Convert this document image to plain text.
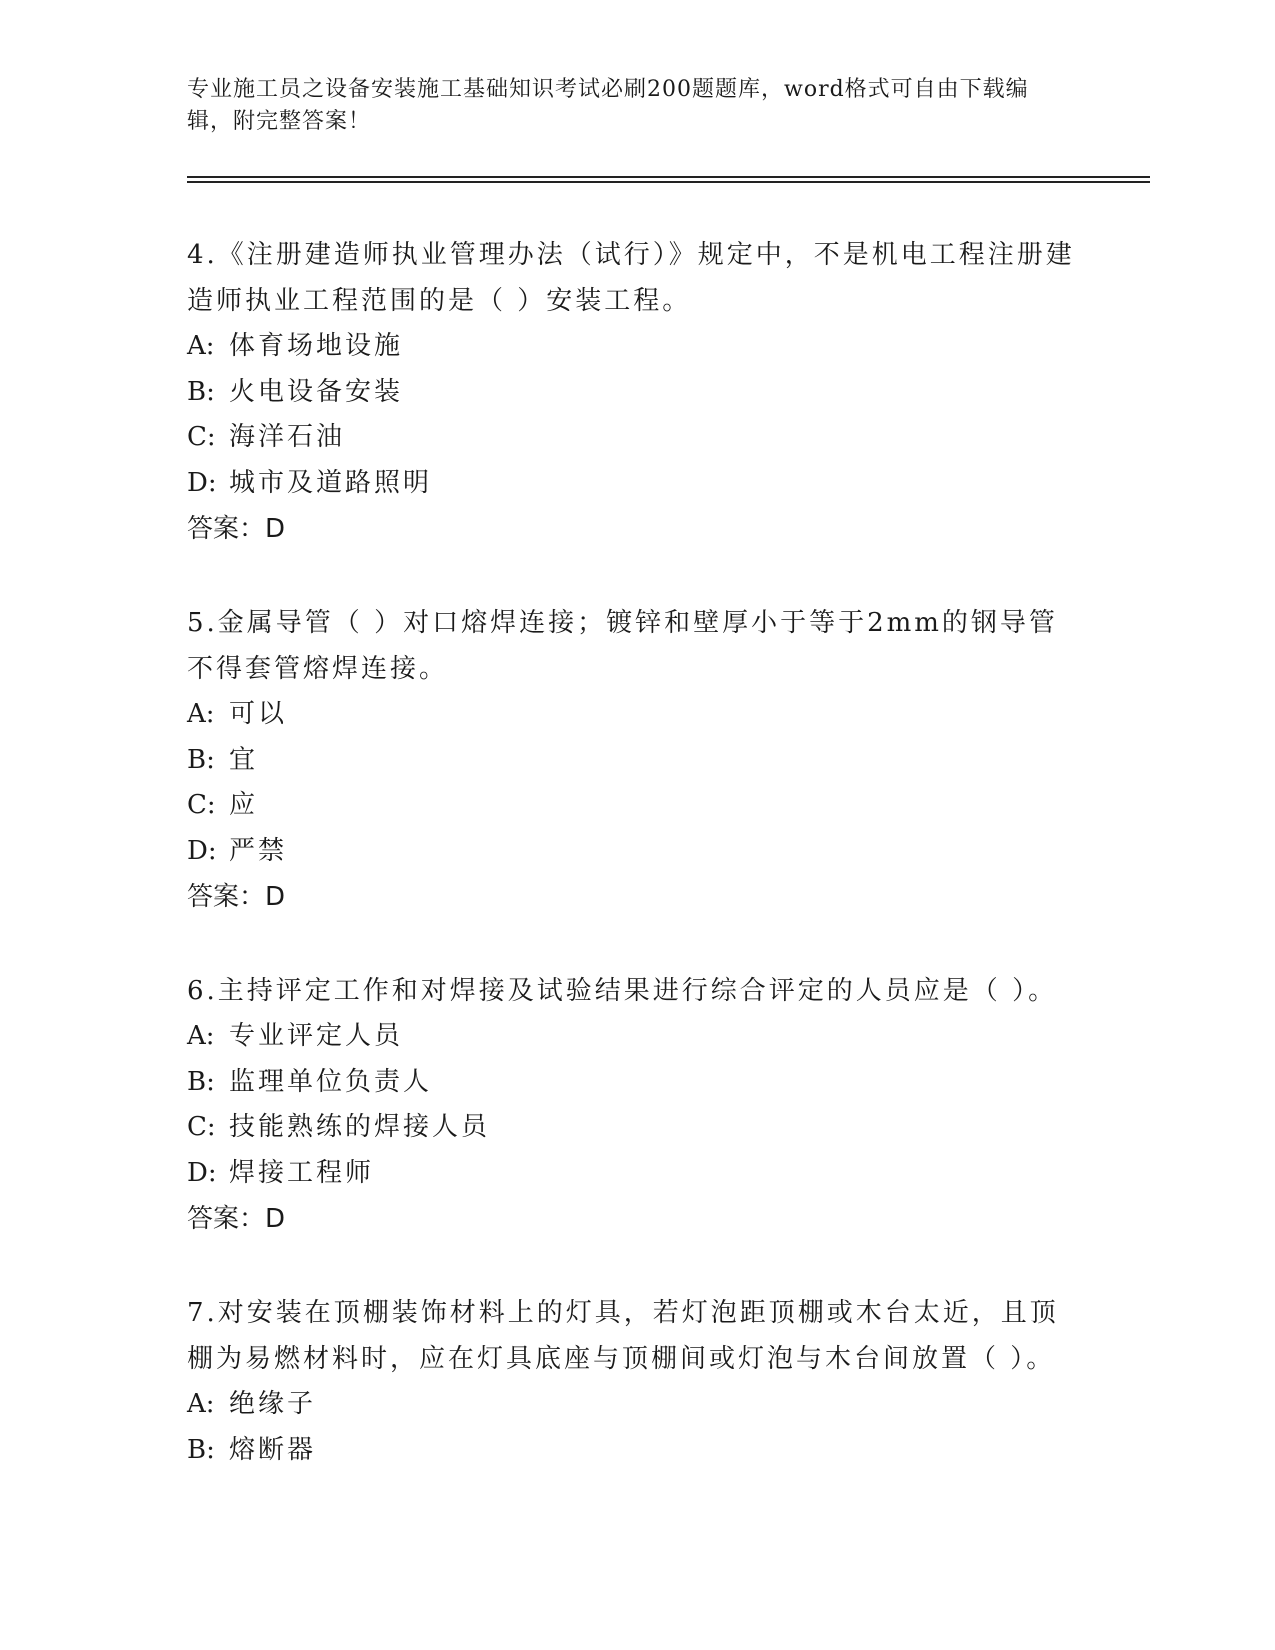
专业施工员之设备安装施工基础知识考试必刷200题题库，word格式可自由下载编辑，附完整答案！

4.《注册建造师执业管理办法（试行）》规定中，不是机电工程注册建造师执业工程范围的是（ ）安装工程。

A: 体育场地设施

B: 火电设备安装

C: 海洋石油

D: 城市及道路照明

答案：D

5.金属导管（ ）对口熔焊连接；镀锌和壁厚小于等于2mm的钢导管不得套管熔焊连接。

A: 可以

B: 宜

C: 应

D: 严禁

答案：D

6.主持评定工作和对焊接及试验结果进行综合评定的人员应是（ ）。

A: 专业评定人员

B: 监理单位负责人

C: 技能熟练的焊接人员

D: 焊接工程师

答案：D

7.对安装在顶棚装饰材料上的灯具，若灯泡距顶棚或木台太近，且顶棚为易燃材料时，应在灯具底座与顶棚间或灯泡与木台间放置（ ）。

A: 绝缘子

B: 熔断器
